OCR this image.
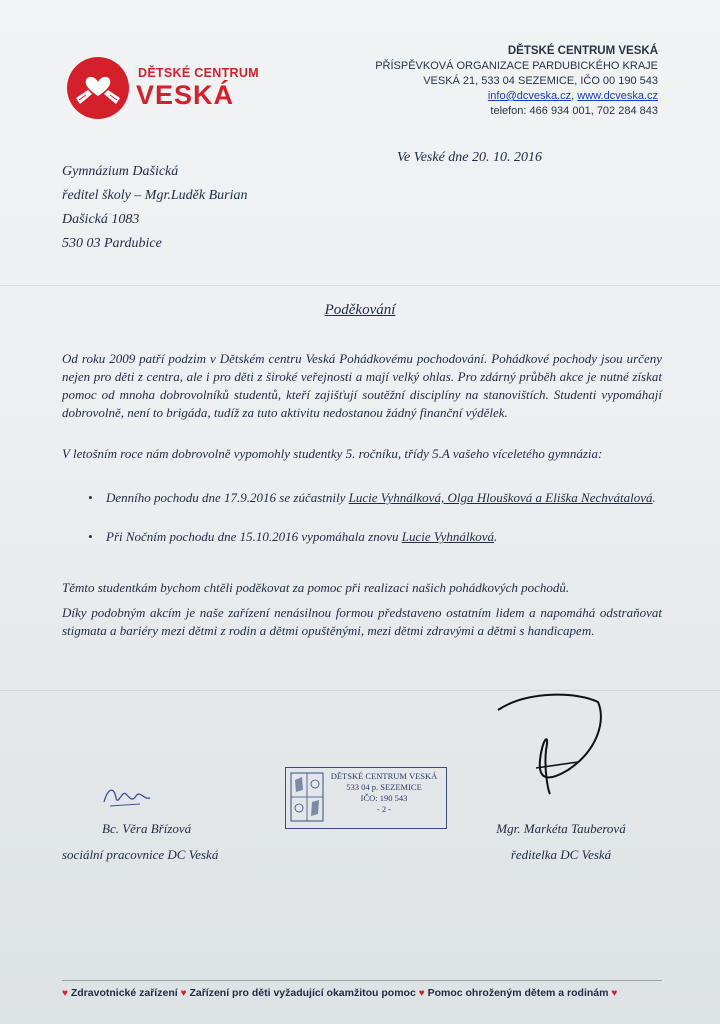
DĚTSKÉ CENTRUM
VESKÁ
DĚTSKÉ CENTRUM VESKÁ
PŘÍSPĚVKOVÁ ORGANIZACE PARDUBICKÉHO KRAJE
VESKÁ 21, 533 04 SEZEMICE, IČO 00 190 543
info@dcveska.cz, www.dcveska.cz
telefon: 466 934 001, 702 284 843
Gymnázium Dašická
ředitel školy – Mgr.Luděk Burian
Dašická 1083
530 03 Pardubice
Ve Veské dne 20. 10. 2016
Poděkování
Od roku 2009 patří podzim v Dětském centru Veská Pohádkovému pochodování. Pohádkové pochody jsou určeny nejen pro děti z centra, ale i pro děti z široké veřejnosti a mají velký ohlas. Pro zdárný průběh akce je nutné získat pomoc od mnoha dobrovolníků studentů, kteří zajišťují soutěžní disciplíny na stanovištích. Studenti vypomáhají dobrovolně, není to brigáda, tudíž za tuto aktivitu nedostanou žádný finanční výdělek.
V letošním roce nám dobrovolně vypomohly studentky 5. ročníku, třídy 5.A vašeho víceletého gymnázia:
• Denního pochodu dne 17.9.2016 se zúčastnily Lucie Vyhnálková, Olga Hloušková a Eliška Nechvátalová.
• Při Nočním pochodu dne 15.10.2016 vypomáhala znovu Lucie Vyhnálková.
Těmto studentkám bychom chtěli poděkovat za pomoc při realizaci našich pohádkových pochodů.
Díky podobným akcím je naše zařízení nenásilnou formou představeno ostatním lidem a napomáhá odstraňovat stigmata a bariéry mezi dětmi z rodin a dětmi opuštěnými, mezi dětmi zdravými a dětmi s handicapem.
Bc. Věra Břízová
sociální pracovnice DC Veská
Mgr. Markéta Tauberová
ředitelka DC Veská
DĚTSKÉ CENTRUM VESKÁ
533 04 p. SEZEMICE
IČO: 190 543
- 2 -
♥ Zdravotnické zařízení ♥ Zařízení pro děti vyžadující okamžitou pomoc ♥ Pomoc ohroženým dětem a rodinám ♥
